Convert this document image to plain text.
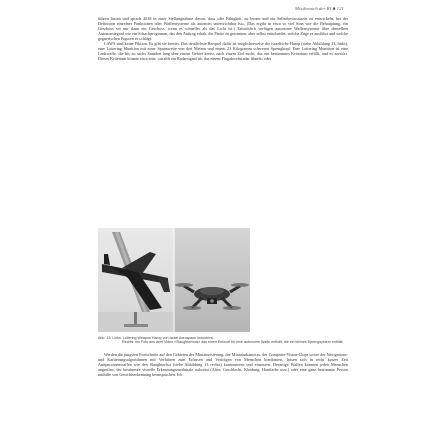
Missbrauch der KI ■ 121

führen lassen und sprach 2018 in einer Stellungnahme davon, dass »die Fähigkeit, zu lernen und ein Selbstbewusstsein zu entwickeln, bei der Definition einzelner Funktionen oder Waffensysteme als autonom unverzichtbar ist«. (Das ergibt in etwa so viel Sinn wie die Behauptung, ein Geschoss sei nur dann ein Geschoss, wenn es schneller als das Licht ist.) Tatsächlich verfügen autonome Waffensysteme über denselben Autonomiegrad wie ein Schachprogramm, das den Auftrag erhält, die Partie zu gewinnen, aber selbst entscheidet, welche Züge es ausführt und welche gegnerischen Figuren es schlägt.

LAWS sind keine Fiktion. Es gibt sie bereits. Das deutlichste Beispiel dafür ist möglicherweise die israelische Harop (siehe Abbildung 13, links), eine Loitering Munition mit einer Spannweite von drei Metern und einem 23 Kilogramm schweren Sprengkopf. Eine Loitering Munition ist eine Lenkwaffe, die bis zu sechs Stunden lang über einem Gebiet kreist, nach einem Ziel sucht, das ein bestimmtes Kriterium erfüllt, und es zerstört. Dieses Kriterium könnte etwa sein: »strahlt ein Radarsignal ab, das einem Flugabwehrradar ähnelt« oder

Abb. 13: Links: Loitering Weapon Harop von Israel Aerospace Industries.
Rechts: ein Foto aus dem Video »Slaughterbots« das einen Entwurf für eine autonome Waffe enthält, die ein kleines Sprengsystem enthält.

Werden die jüngsten Fortschritte auf den Gebieten der Miniaturisierung, der Miniaturkameras, der Computer-Vision-Chips sowie der Navigations- und Kartierungsalgorithmen mit Verfahren zum Erfassen und Verfolgen von Menschen kombiniert, lassen sich in recht kurzer Zeit Antipersonenwaffen wie den Slaughterbot (siehe Abbildung 13 rechts) konstruieren und einsetzen. Derartige Waffen könnten jeden Menschen angreifen, der bestimmte visuelle Erkennungsmerkmale aufweist (Alter, Geschlecht, Kleidung, Hautfarbe usw.) oder eine ganz bestimmte Person mithilfe von Gesichtserkennung beanspruchen. Ich
